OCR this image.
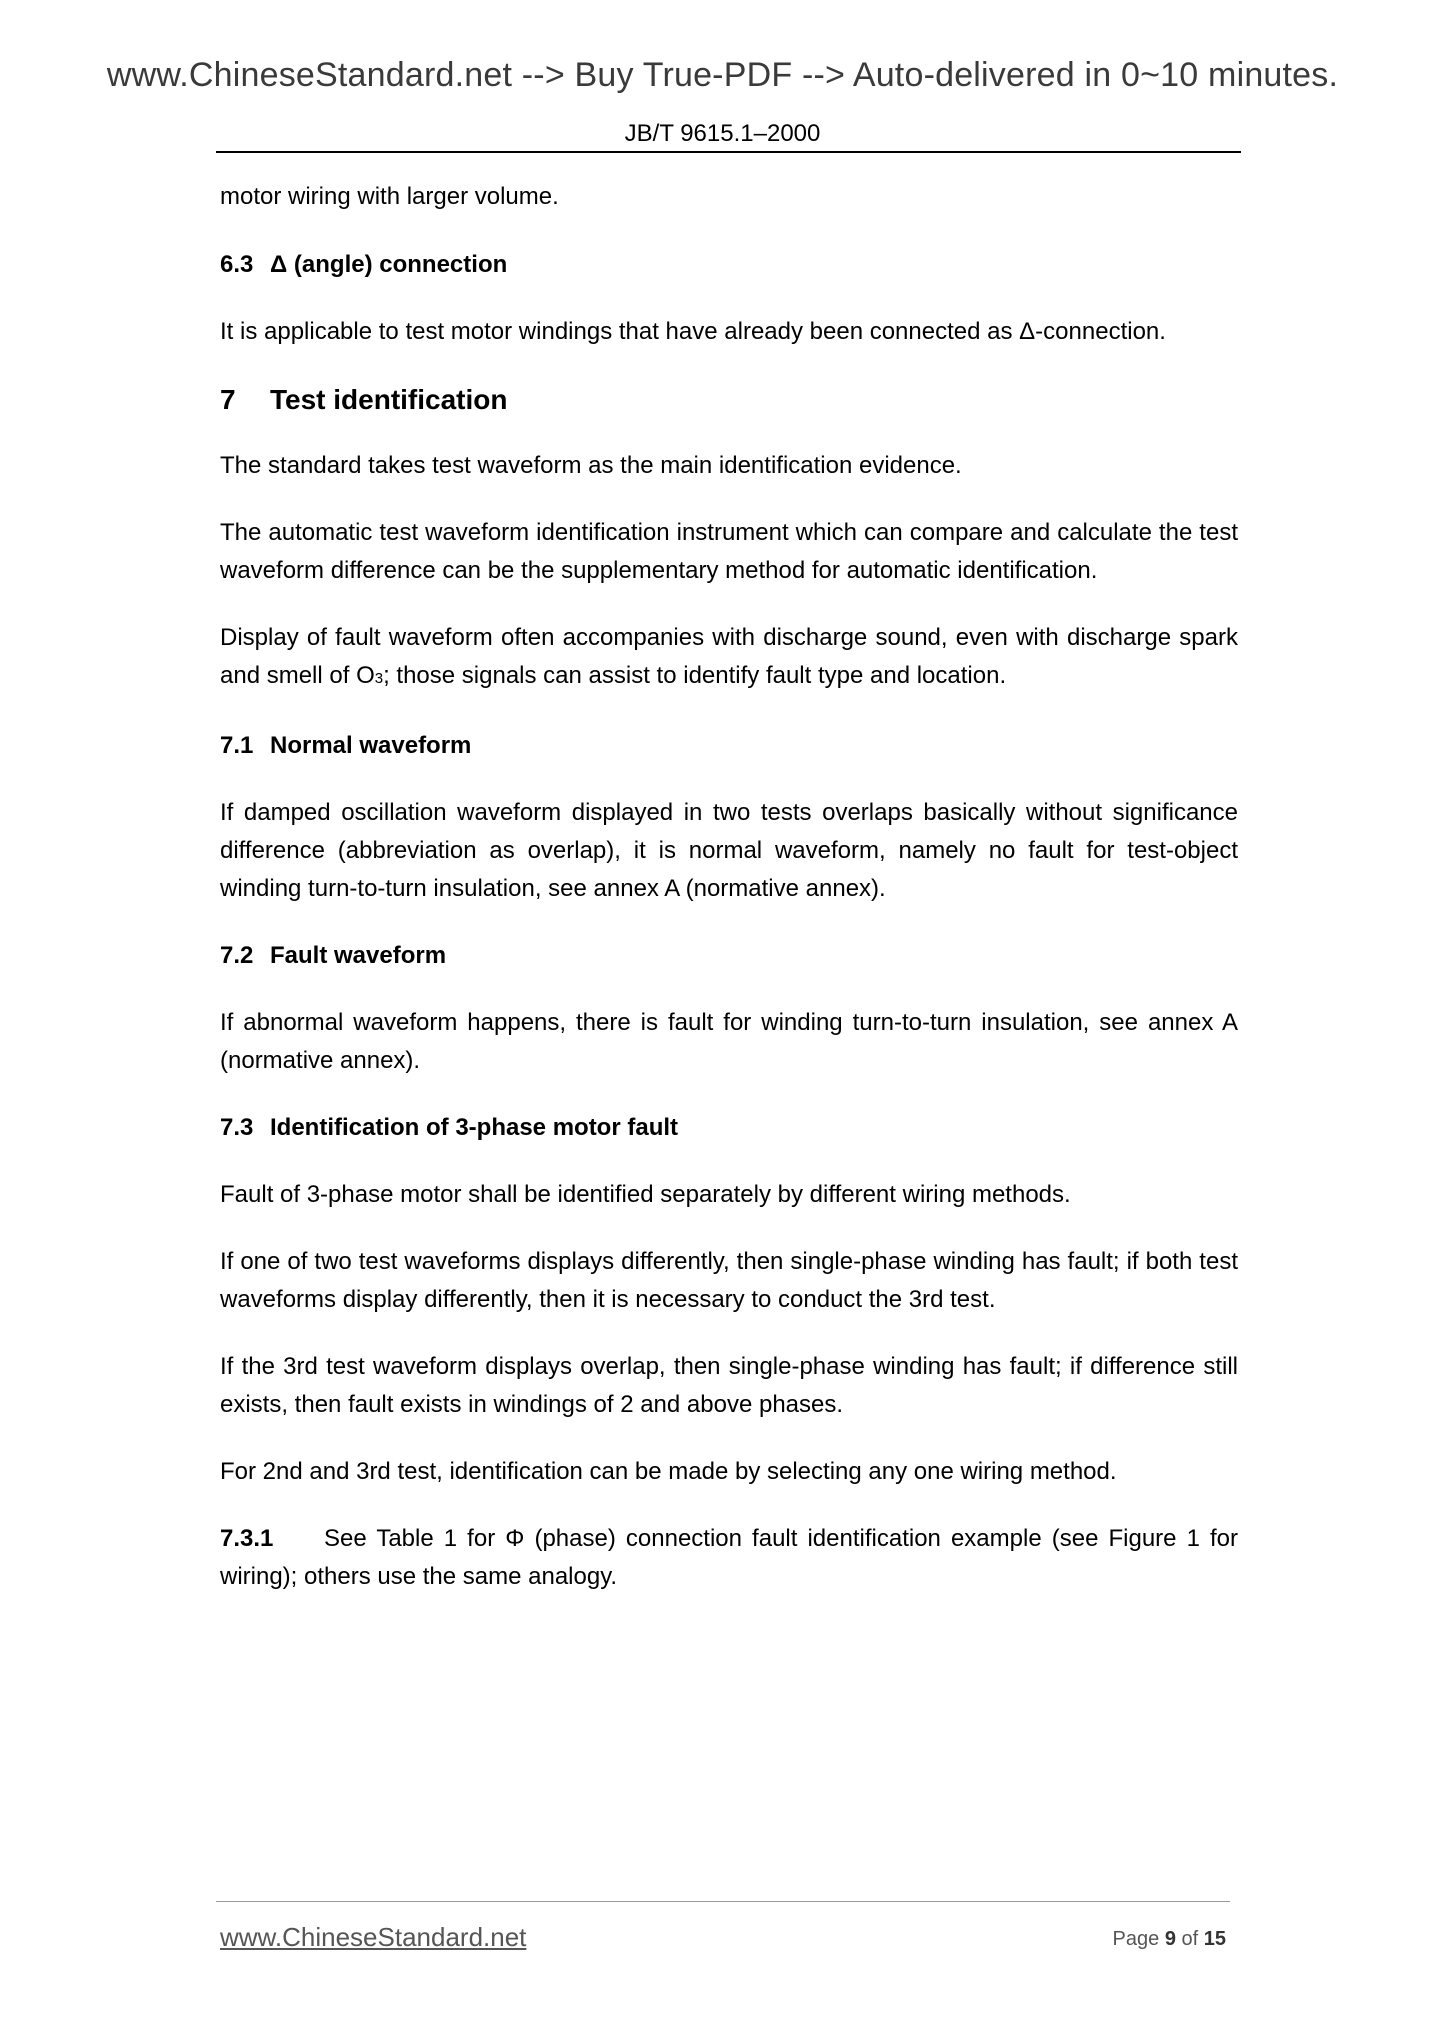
www.ChineseStandard.net --> Buy True-PDF --> Auto-delivered in 0~10 minutes.
JB/T 9615.1–2000

motor wiring with larger volume.

6.3 Δ (angle) connection

It is applicable to test motor windings that have already been connected as Δ-connection.

7 Test identification

The standard takes test waveform as the main identification evidence.

The automatic test waveform identification instrument which can compare and calculate the test waveform difference can be the supplementary method for automatic identification.

Display of fault waveform often accompanies with discharge sound, even with discharge spark and smell of O3; those signals can assist to identify fault type and location.

7.1 Normal waveform

If damped oscillation waveform displayed in two tests overlaps basically without significance difference (abbreviation as overlap), it is normal waveform, namely no fault for test-object winding turn-to-turn insulation, see annex A (normative annex).

7.2 Fault waveform

If abnormal waveform happens, there is fault for winding turn-to-turn insulation, see annex A (normative annex).

7.3 Identification of 3-phase motor fault

Fault of 3-phase motor shall be identified separately by different wiring methods.

If one of two test waveforms displays differently, then single-phase winding has fault; if both test waveforms display differently, then it is necessary to conduct the 3rd test.

If the 3rd test waveform displays overlap, then single-phase winding has fault; if difference still exists, then fault exists in windings of 2 and above phases.

For 2nd and 3rd test, identification can be made by selecting any one wiring method.

7.3.1 See Table 1 for Φ (phase) connection fault identification example (see Figure 1 for wiring); others use the same analogy.

www.ChineseStandard.net	Page 9 of 15
